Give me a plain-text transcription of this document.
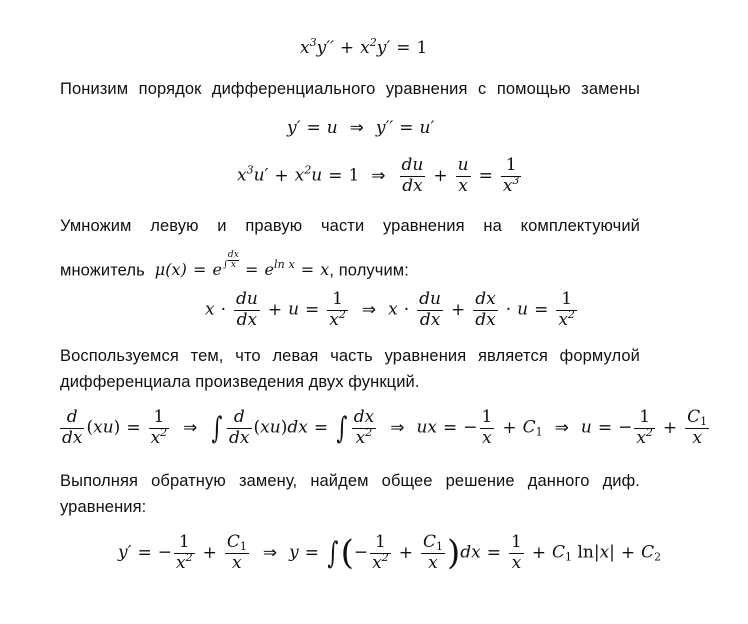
$x^3y'' + x^2y' = 1$
Понизим порядок дифференциального уравнения с помощью замены
y′ = u ⇒ y′′ = u′
$x^3u' + x^2u = 1$ ⇒ $\frac{du}{dx} + \frac{u}{x} = \frac{1}{x^3}$
Умножим левую и правую части уравнения на комплектуючий
множитель  $\mu(x) = e\int \frac{dx}{x} = e^{ln x} = x$, получим:
$x \cdot \frac{du}{dx} + u = \frac{1}{x^2}$ ⇒ $x \cdot \frac{du}{dx} + \frac{dx}{dx} \cdot u = \frac{1}{x^2}$
Воспользуемся тем, что левая часть уравнения является формулой
дифференциала произведения двух функций.
$\frac{d}{dx} (xu) = \frac{1}{x^2}$ ⇒ ∫ $\frac{d}{dx} (xu)dx$ = ∫ $\frac{dx}{x^2}$ ⇒ ux = − $\frac{1}{x} + C_1$ ⇒ u = − $\frac{1}{x^2} + \frac{C_1}{x}$
Выполняя обратную замену, найдем общее решение данного диф.
уравнения:
y′ = − $\frac{1}{x^2} + \frac{C_1}{x}$ ⇒ y = ∫(− $\frac{1}{x^2} + \frac{C_1}{x} )dx = \frac{1}{x} + C_1$ $\ln|x| + C_2$
